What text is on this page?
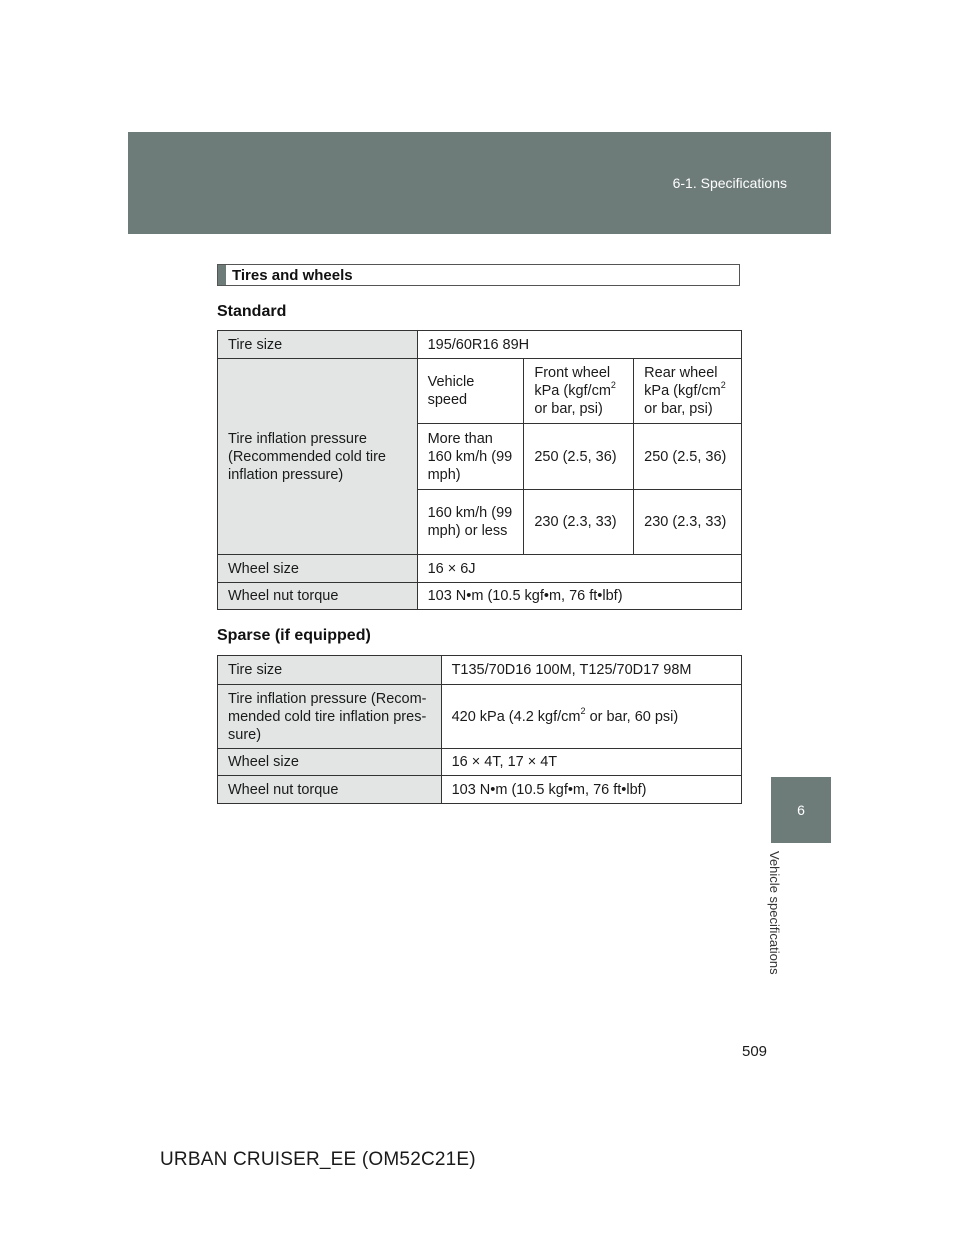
6-1. Specifications
6
Vehicle specifications
Tires and wheels
Standard
Tire size	195/60R16 89H		
Tire inflation pressure (Recommended cold tire inflation pressure)	Vehicle speed	Front wheel kPa ($kgf/cm^2$ or bar, psi)	Rear wheel kPa ($kgf/cm^2$ or bar, psi)
	More than 160 km/h (99 mph)	250 (2.5, 36)	250 (2.5, 36)
	160 km/h (99 mph) or less	230 (2.3, 33)	230 (2.3, 33)
Wheel size	16 × 6J		
Wheel nut torque	103 N•m (10.5 kgf•m, 76 ft•lbf)		
Sparse (if equipped)
Tire size	T135/70D16 100M, T125/70D17 98M
Tire inflation pressure (Recom-mended cold tire inflation pres-sure)	420 kPa (4.2 kgf/$cm^2$ or bar, 60 psi)
Wheel size	16 × 4T, 17 × 4T
Wheel nut torque	103 N•m (10.5 kgf•m, 76 ft•lbf)
509
URBAN CRUISER_EE (OM52C21E)
